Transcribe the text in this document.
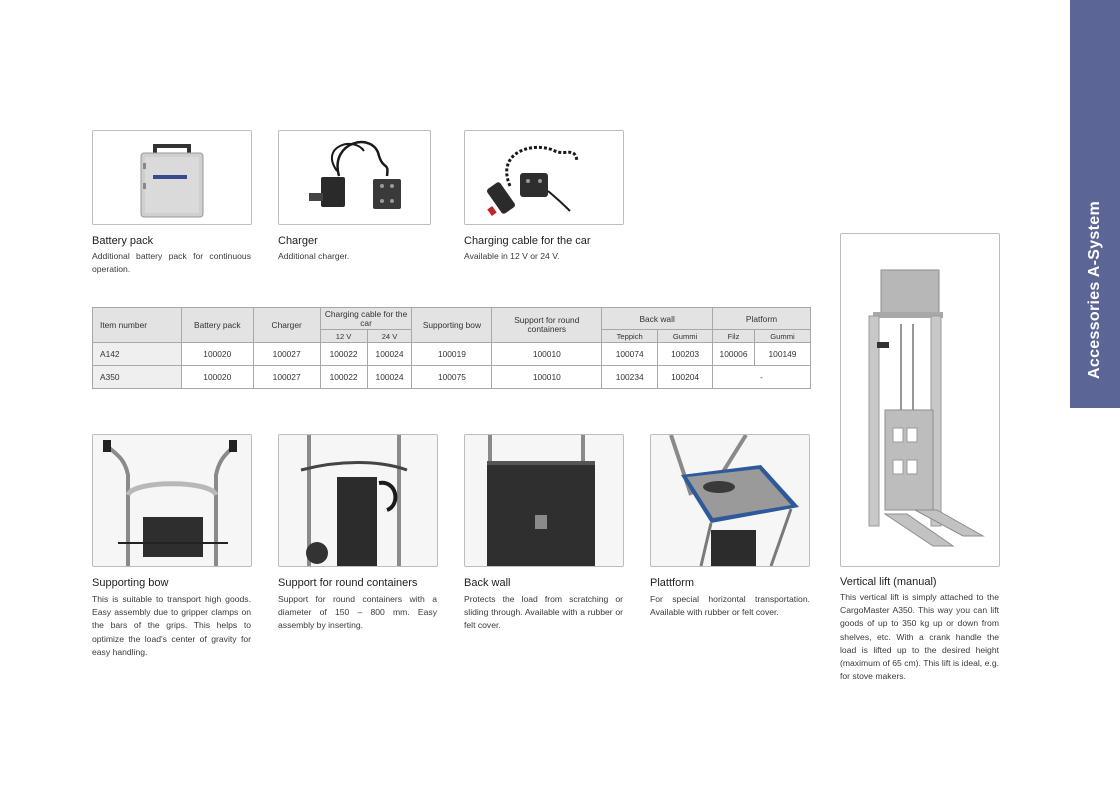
Accessories A-System
Battery pack
Additional battery pack for continuous operation.
Charger
Additional charger.
Charging cable for the car
Available in 12 V or 24 V.
Item number	Battery pack	Charger	Charging cable for the car		Supporting bow	Support for round containers	Back wall		Platform	
			12 V	24 V			Teppich	Gummi	Filz	Gummi
A142	100020	100027	100022	100024	100019	100010	100074	100203	100006	100149
A350	100020	100027	100022	100024	100075	100010	100234	100204	-	
Supporting bow
This is suitable to transport high goods. Easy assembly due to gripper clamps on the bars of the grips. This helps to optimize the load's center of gravity for easy handling.
Support for round containers
Support for round containers with a diameter of 150 – 800 mm. Easy assembly by inserting.
Back wall
Protects the load from scratching or sliding through. Available with a rubber or felt cover.
Plattform
For special horizontal transportation. Available with rubber or felt cover.
Vertical lift (manual)
This vertical lift is simply attached to the CargoMaster A350. This way you can lift goods of up to 350 kg up or down from shelves, etc. With a crank handle the load is lifted up to the desired height (maximum of 65 cm). This lift is ideal, e.g. for stove makers.
